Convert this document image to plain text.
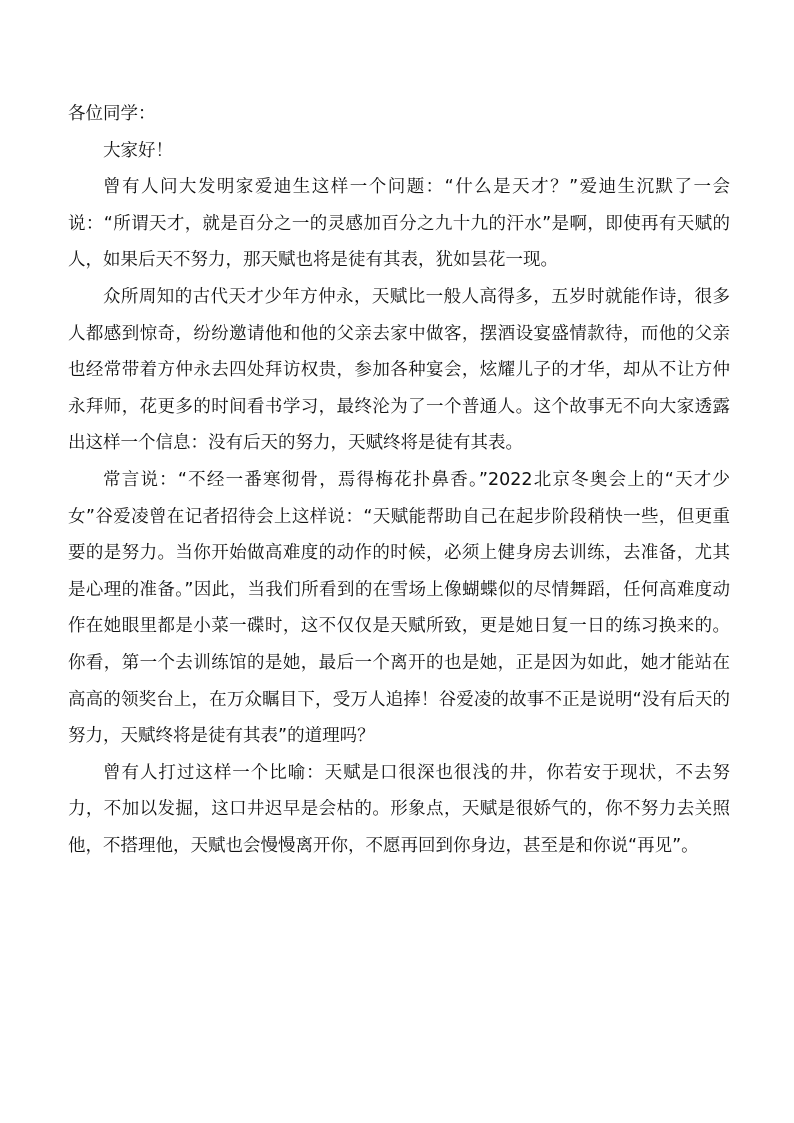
各位同学：

大家好！

曾有人问大发明家爱迪生这样一个问题：“什么是天才？”爱迪生沉默了一会说：“所谓天才，就是百分之一的灵感加百分之九十九的汗水”是啊，即使再有天赋的人，如果后天不努力，那天赋也将是徒有其表，犹如昙花一现。

众所周知的古代天才少年方仲永，天赋比一般人高得多，五岁时就能作诗，很多人都感到惊奇，纷纷邀请他和他的父亲去家中做客，摆酒设宴盛情款待，而他的父亲也经常带着方仲永去四处拜访权贵，参加各种宴会，炫耀儿子的才华，却从不让方仲永拜师，花更多的时间看书学习，最终沦为了一个普通人。这个故事无不向大家透露出这样一个信息：没有后天的努力，天赋终将是徒有其表。

常言说：“不经一番寒彻骨，焉得梅花扑鼻香。”2022北京冬奥会上的“天才少女”谷爱凌曾在记者招待会上这样说：“天赋能帮助自己在起步阶段稍快一些，但更重要的是努力。当你开始做高难度的动作的时候，必须上健身房去训练，去准备，尤其是心理的准备。”因此，当我们所看到的在雪场上像蝴蝶似的尽情舞蹈，任何高难度动作在她眼里都是小菜一碟时，这不仅仅是天赋所致，更是她日复一日的练习换来的。你看，第一个去训练馆的是她，最后一个离开的也是她，正是因为如此，她才能站在高高的领奖台上，在万众瞩目下，受万人追捧！谷爱凌的故事不正是说明“没有后天的努力，天赋终将是徒有其表”的道理吗？

曾有人打过这样一个比喻：天赋是口很深也很浅的井，你若安于现状，不去努力，不加以发掘，这口井迟早是会枯的。形象点，天赋是很娇气的，你不努力去关照他，不搭理他，天赋也会慢慢离开你，不愿再回到你身边，甚至是和你说“再见”。
